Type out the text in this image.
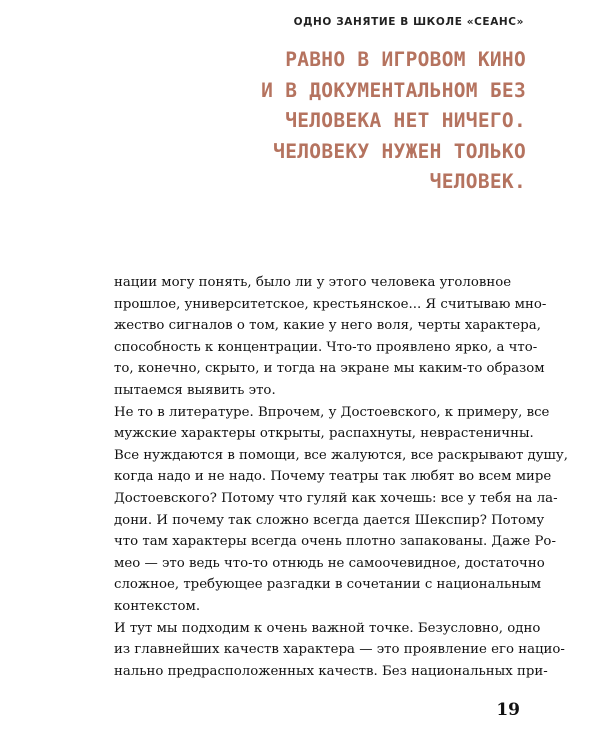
ОДНО ЗАНЯТИЕ В ШКОЛЕ «СЕАНС»
РАВНО В ИГРОВОМ КИНО
И В ДОКУМЕНТАЛЬНОМ БЕЗ
ЧЕЛОВЕКА НЕТ НИЧЕГО.
ЧЕЛОВЕКУ НУЖЕН ТОЛЬКО
ЧЕЛОВЕК.
нации могу понять, было ли у этого человека уголовное
прошлое, университетское, крестьянское... Я считываю мно-
жество сигналов о том, какие у него воля, черты характера,
способность к концентрации. Что-то проявлено ярко, а что-
то, конечно, скрыто, и тогда на экране мы каким-то образом
пытаемся выявить это.
Не то в литературе. Впрочем, у Достоевского, к примеру, все
мужские характеры открыты, распахнуты, неврастеничны.
Все нуждаются в помощи, все жалуются, все раскрывают душу,
когда надо и не надо. Почему театры так любят во всем мире
Достоевского? Потому что гуляй как хочешь: все у тебя на ла-
дони. И почему так сложно всегда дается Шекспир? Потому
что там характеры всегда очень плотно запакованы. Даже Ро-
мео — это ведь что-то отнюдь не самоочевидное, достаточно
сложное, требующее разгадки в сочетании с национальным
контекстом.
И тут мы подходим к очень важной точке. Безусловно, одно
из главнейших качеств характера — это проявление его нацио-
нально предрасположенных качеств. Без национальных при-
19
